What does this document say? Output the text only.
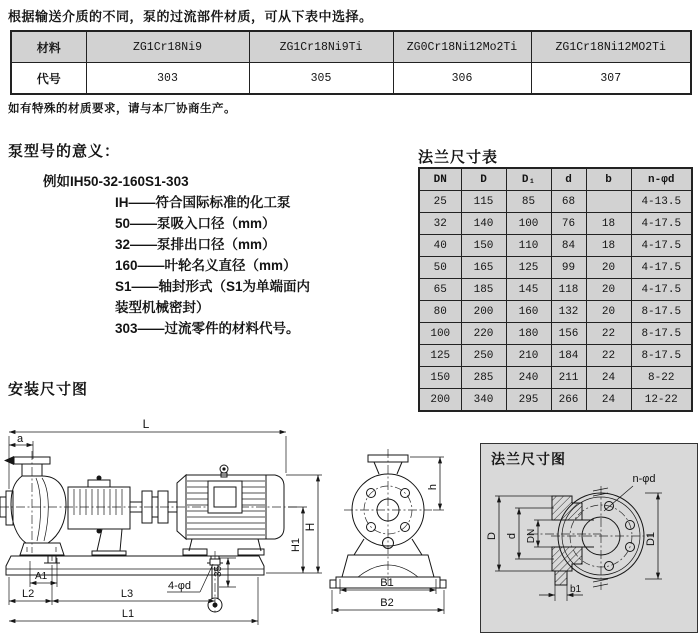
根据输送介质的不同，泵的过流部件材质，可从下表中选择。
材料	ZG1Cr18Ni9	ZG1Cr18Ni9Ti	ZG0Cr18Ni12Mo2Ti	ZG1Cr18Ni12MO2Ti
代号	303	305	306	307
如有特殊的材质要求，请与本厂协商生产。
泵型号的意义：
例如IH50-32-160S1-303
IH——符合国际标准的化工泵
50——泵吸入口径（mm）
32——泵排出口径（mm）
160——叶轮名义直径（mm）
S1——轴封形式（S1为单端面内
装型机械密封）
303——过流零件的材料代号。
法兰尺寸表
DN	D	D₁	d	b	n-φd
25	115	85	68		4-13.5
32	140	100	76	18	4-17.5
40	150	110	84	18	4-17.5
50	165	125	99	20	4-17.5
65	185	145	118	20	4-17.5
80	200	160	132	20	8-17.5
100	220	180	156	22	8-17.5
125	250	210	184	22	8-17.5
150	285	240	211	24	8-22
200	340	295	266	24	12-22
安装尺寸图
L
a
A1
L2	L3
L1
4-φd
35
H
H1
h
B1
B2
法兰尺寸图
D d DN
b1
n-φd
D1
